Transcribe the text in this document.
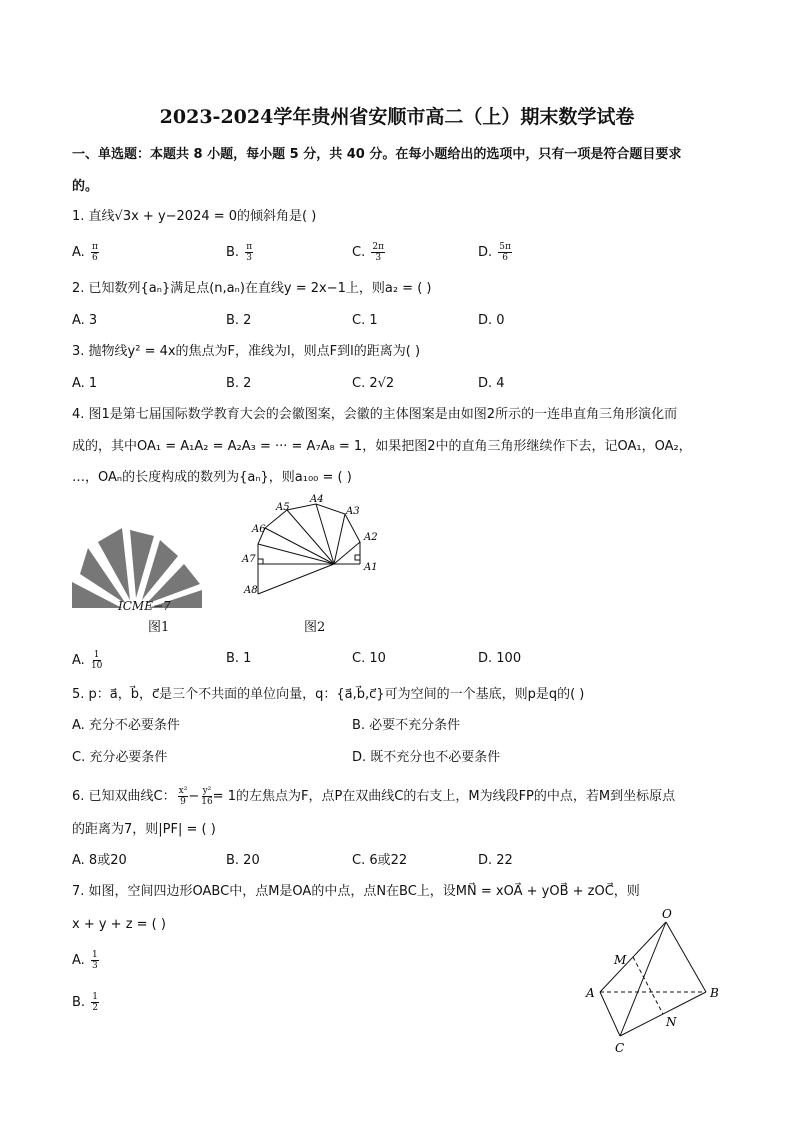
2023-2024学年贵州省安顺市高二（上）期末数学试卷
一、单选题：本题共 8 小题，每小题 5 分，共 40 分。在每小题给出的选项中，只有一项是符合题目要求
的。
1. 直线√3x + y−2024 = 0的倾斜角是( )
A. $\frac{\pi}{6}$	B. $\frac{\pi}{3}$	C. $\frac{2\pi}{3}$	D. $\frac{5\pi}{6}$
2. 已知数列{aₙ}满足点(n,aₙ)在直线y = 2x−1上，则a₂ = ( )
A. 3	B. 2	C. 1	D. 0
3. 抛物线y² = 4x的焦点为F，准线为l，则点F到l的距离为( )
A. 1	B. 2	C. 2√2	D. 4
4. 图1是第七届国际数学教育大会的会徽图案，会徽的主体图案是由如图2所示的一连串直角三角形演化而
成的，其中OA₁ = A₁A₂ = A₂A₃ = ··· = A₇A₈ = 1，如果把图2中的直角三角形继续作下去，记OA₁，OA₂，
…，OAₙ的长度构成的数列为{aₙ}，则a₁₀₀ = ( )
ICME−7
图1
A1
A2
A3
A4
A5
A6
A7
A8
图2
A. $\frac{1}{10}$	B. 1	C. 10	D. 100
5. p：a⃗，b⃗，c⃗是三个不共面的单位向量，q：{a⃗,b⃗,c⃗}可为空间的一个基底，则p是q的( )
A. 充分不必要条件	B. 必要不充分条件
C. 充分必要条件	D. 既不充分也不必要条件
6. 已知双曲线C： $\frac{\text{x²}}{9} - \frac{\text{y²}}{16} = 1$的左焦点为F，点P在双曲线C的右支上，M为线段FP的中点，若M到坐标原点
的距离为7，则|PF| = ( )
A. 8或20	B. 20	C. 6或22	D. 22
7. 如图，空间四边形OABC中，点M是OA的中点，点N在BC上，设MN⃗ = xOA⃗ + yOB⃗ + zOC⃗，则
x + y + z = ( )
A. $\frac{1}{3}$
B. $\frac{1}{2}$
O
M
A	B
N
C
